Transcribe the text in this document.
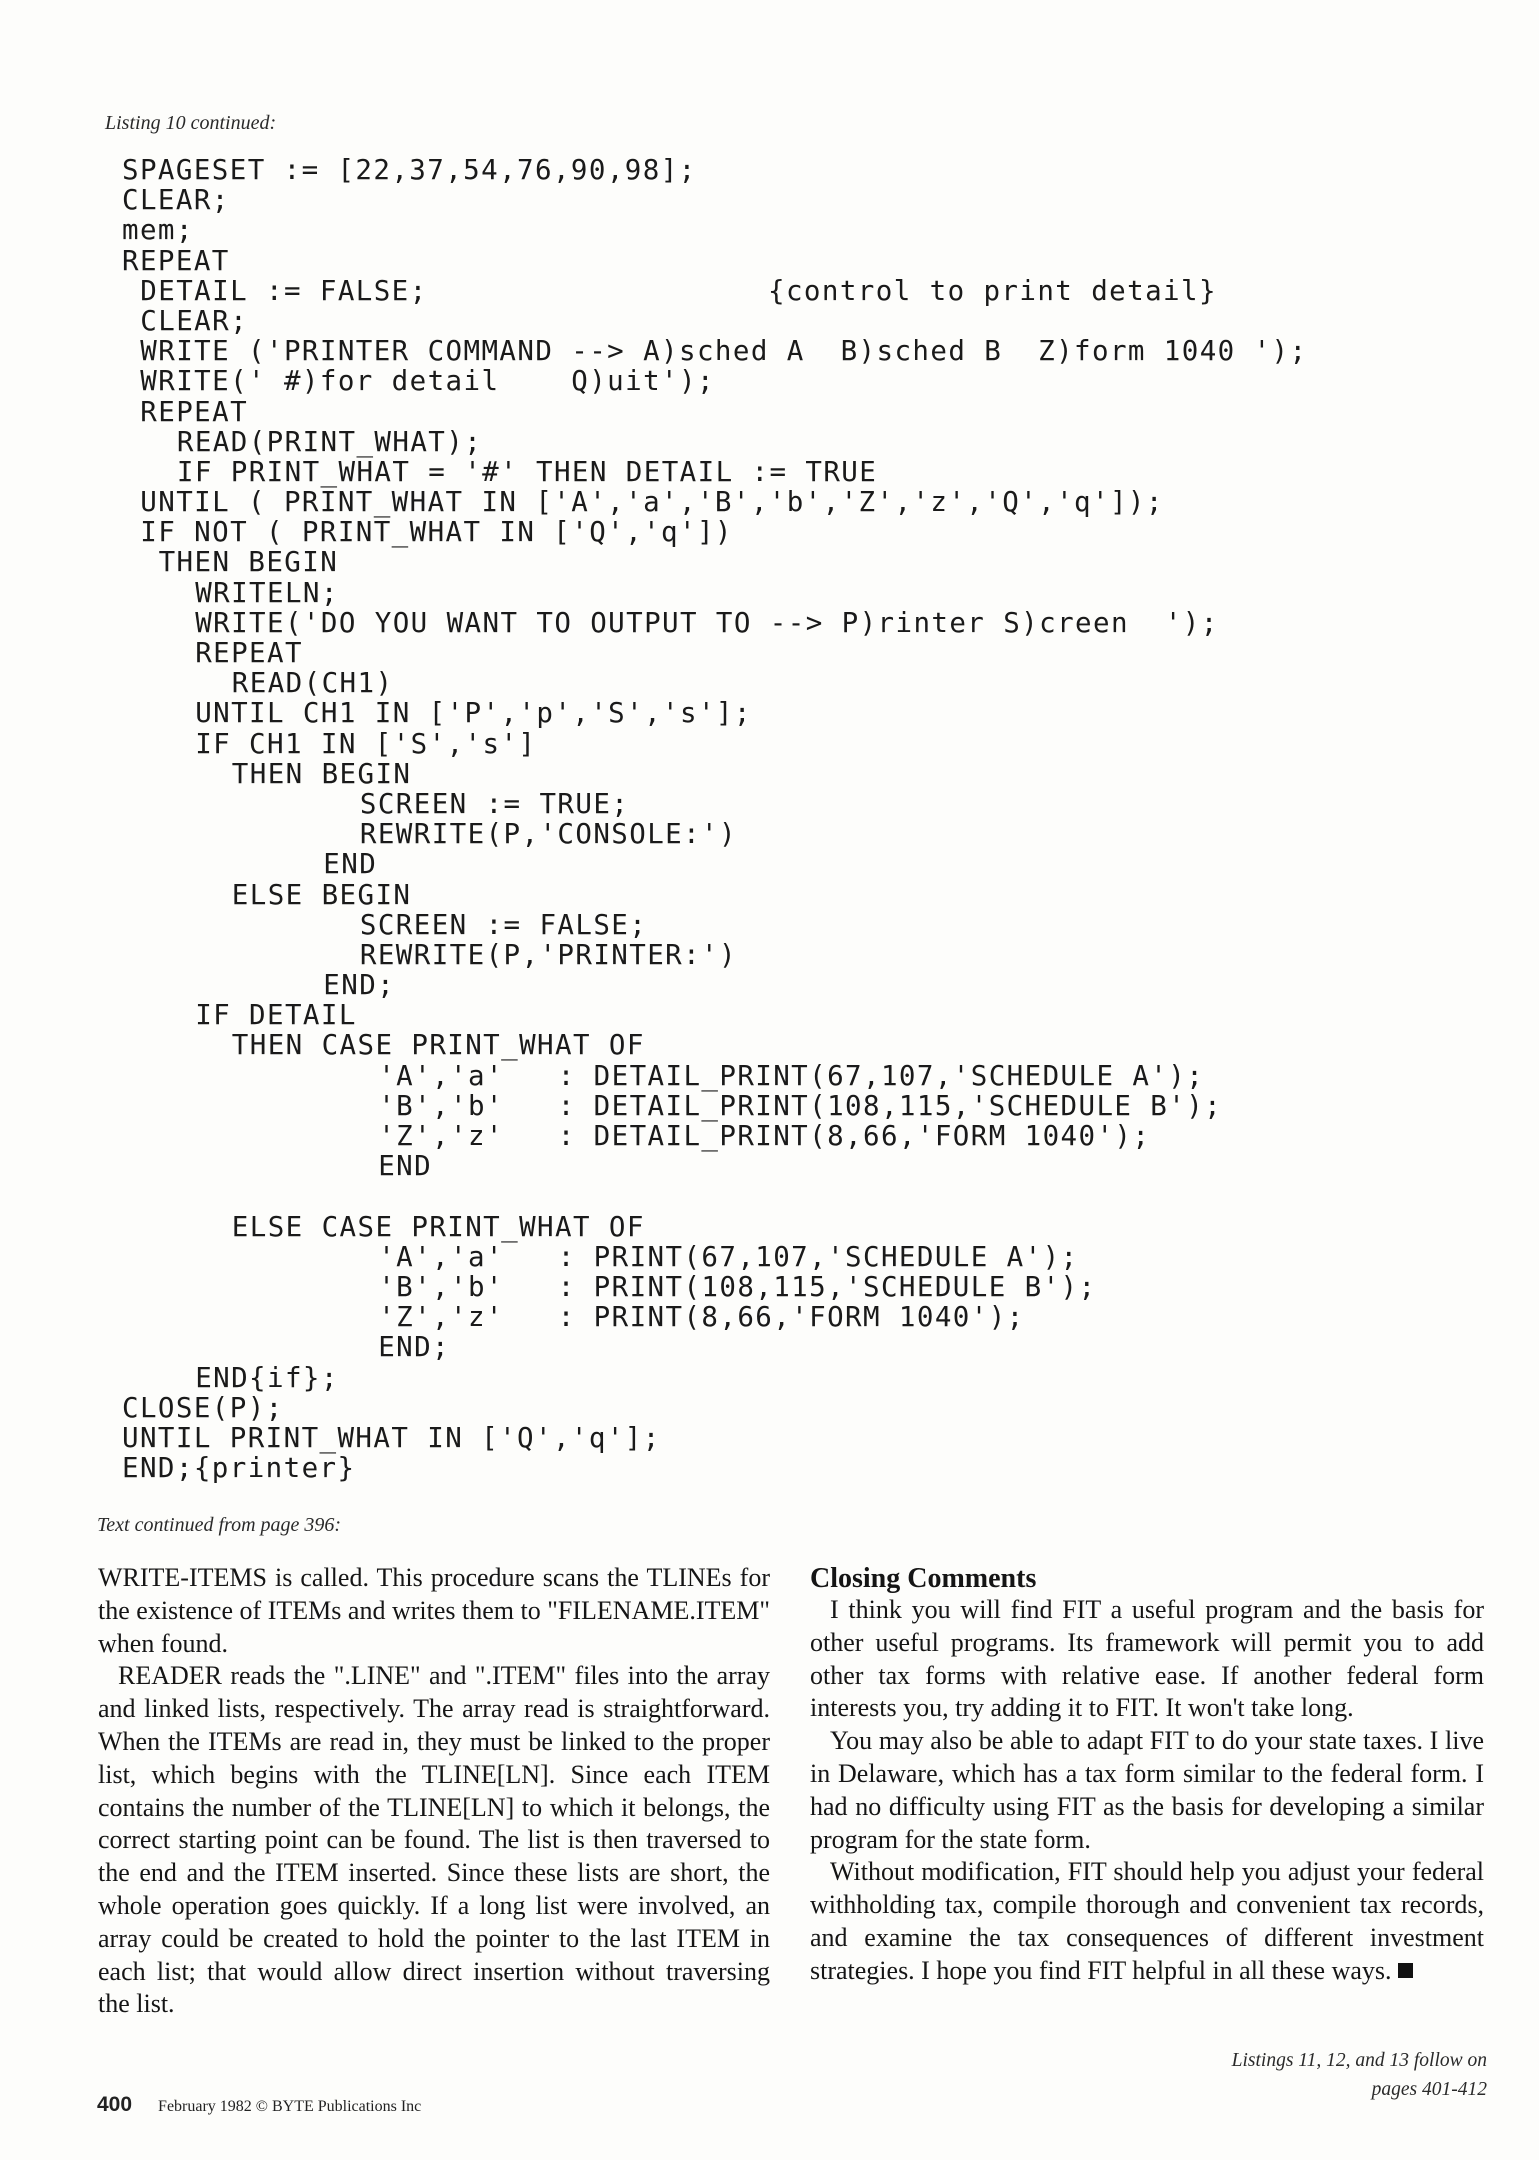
Listing 10 continued:
SPAGESET := [22,37,54,76,90,98];
CLEAR;
mem;
REPEAT
DETAIL := FALSE;	{control to print detail}
CLEAR;
WRITE ('PRINTER COMMAND --> A)sched A  B)sched B  Z)form 1040 ');
WRITE(' #)for detail    Q)uit');
REPEAT
READ(PRINT_WHAT);
IF PRINT_WHAT = '#' THEN DETAIL := TRUE
UNTIL ( PRINT_WHAT IN ['A','a','B','b','Z','z','Q','q']);
IF NOT ( PRINT_WHAT IN ['Q','q'])
THEN BEGIN
WRITELN;
WRITE('DO YOU WANT TO OUTPUT TO --> P)rinter S)creen  ');
REPEAT
READ(CH1)
UNTIL CH1 IN ['P','p','S','s'];
IF CH1 IN ['S','s']
THEN BEGIN
SCREEN := TRUE;
REWRITE(P,'CONSOLE:')
END
ELSE BEGIN
SCREEN := FALSE;
REWRITE(P,'PRINTER:')
END;
IF DETAIL
THEN CASE PRINT_WHAT OF
'A','a'   : DETAIL_PRINT(67,107,'SCHEDULE A');
'B','b'   : DETAIL_PRINT(108,115,'SCHEDULE B');
'Z','z'   : DETAIL_PRINT(8,66,'FORM 1040');
END
ELSE CASE PRINT_WHAT OF
'A','a'   : PRINT(67,107,'SCHEDULE A');
'B','b'   : PRINT(108,115,'SCHEDULE B');
'Z','z'   : PRINT(8,66,'FORM 1040');
END;
END{if};
CLOSE(P);
UNTIL PRINT_WHAT IN ['Q','q'];
END;{printer}
Text continued from page 396:

WRITE-ITEMS is called. This procedure scans the TLINEs for the existence of ITEMs and writes them to "FILENAME.ITEM" when found.

READER reads the ".LINE" and ".ITEM" files into the array and linked lists, respectively. The array read is straightforward. When the ITEMs are read in, they must be linked to the proper list, which begins with the TLINE[LN]. Since each ITEM contains the number of the TLINE[LN] to which it belongs, the correct starting point can be found. The list is then traversed to the end and the ITEM inserted. Since these lists are short, the whole operation goes quickly. If a long list were involved, an array could be created to hold the pointer to the last ITEM in each list; that would allow direct insertion without traversing the list.

Closing Comments

I think you will find FIT a useful program and the basis for other useful programs. Its framework will permit you to add other tax forms with relative ease. If another federal form interests you, try adding it to FIT. It won't take long.

You may also be able to adapt FIT to do your state taxes. I live in Delaware, which has a tax form similar to the federal form. I had no difficulty using FIT as the basis for developing a similar program for the state form.

Without modification, FIT should help you adjust your federal withholding tax, compile thorough and convenient tax records, and examine the tax consequences of different investment strategies. I hope you find FIT helpful in all these ways.

Listings 11, 12, and 13 follow on
pages 401-412
400 February 1982 © BYTE Publications Inc
